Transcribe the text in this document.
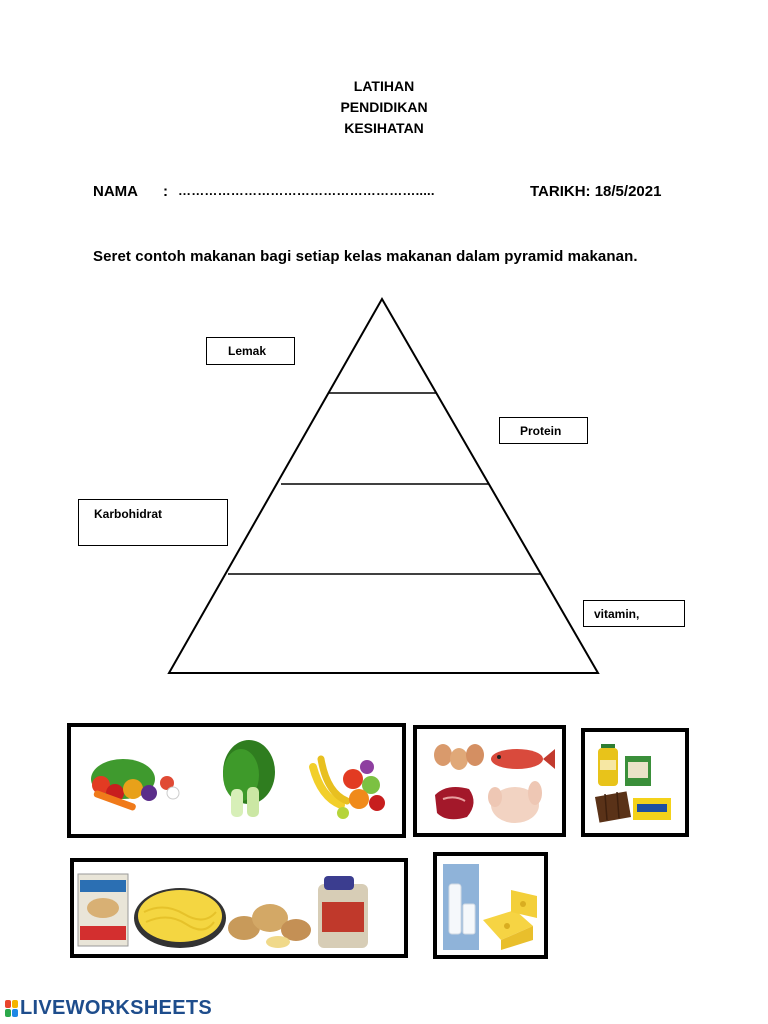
LATIHAN
PENDIDIKAN
KESIHATAN
NAMA : ……………………………………………….....	TARIKH: 18/5/2021
Seret contoh makanan bagi setiap kelas makanan dalam pyramid makanan.
Lemak
Protein
Karbohidrat
vitamin,
LIVEWORKSHEETS
